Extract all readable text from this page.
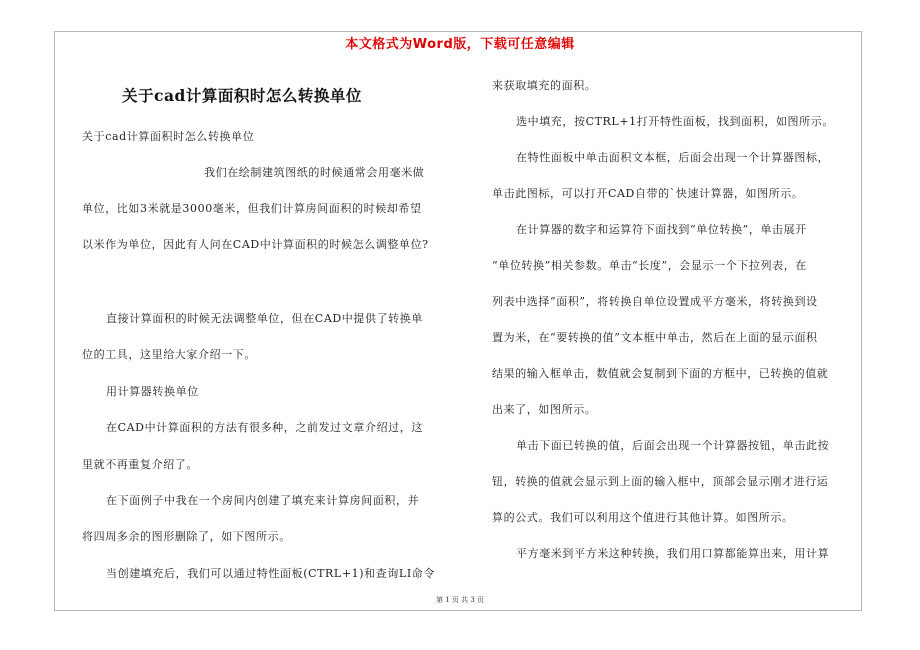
本文格式为Word版，下载可任意编辑
关于cad计算面积时怎么转换单位
关于cad计算面积时怎么转换单位
我们在绘制建筑图纸的时候通常会用毫米做
单位，比如3米就是3000毫米，但我们计算房间面积的时候却希望
以米作为单位，因此有人问在CAD中计算面积的时候怎么调整单位?
直接计算面积的时候无法调整单位，但在CAD中提供了转换单
位的工具，这里给大家介绍一下。
用计算器转换单位
在CAD中计算面积的方法有很多种，之前发过文章介绍过，这
里就不再重复介绍了。
在下面例子中我在一个房间内创建了填充来计算房间面积，并
将四周多余的图形删除了，如下图所示。
当创建填充后，我们可以通过特性面板(CTRL+1)和查询LI命令
来获取填充的面积。
选中填充，按CTRL+1打开特性面板，找到面积，如图所示。
在特性面板中单击面积文本框，后面会出现一个计算器图标，
单击此图标，可以打开CAD自带的`快速计算器，如图所示。
在计算器的数字和运算符下面找到“单位转换”，单击展开
“单位转换”相关参数。单击“长度”，会显示一个下拉列表，在
列表中选择“面积”，将转换自单位设置成平方毫米，将转换到设
置为米，在“要转换的值”文本框中单击，然后在上面的显示面积
结果的输入框单击，数值就会复制到下面的方框中，已转换的值就
出来了，如图所示。
单击下面已转换的值，后面会出现一个计算器按钮，单击此按
钮，转换的值就会显示到上面的输入框中，顶部会显示刚才进行运
算的公式。我们可以利用这个值进行其他计算。如图所示。
平方毫米到平方米这种转换，我们用口算都能算出来，用计算
第 1 页 共 3 页
